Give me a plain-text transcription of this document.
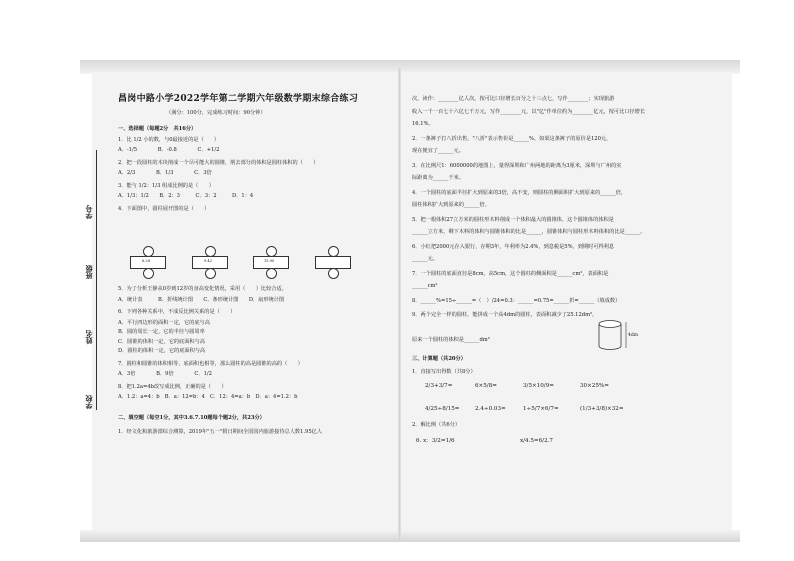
学号
班级
姓名
学校
昌岗中路小学2022学年第二学期六年级数学期末综合练习
（满分：100分，完成练习时间：90分钟）

一、选择题（每题2分　共16分）

1．比 1/2 小的数，与0最接近的是（　　）

A．-1/5　　　　B．-0.8　　　　C．+1/2

2．把一段圆柱的木块削成一个尽可能大的圆锥，削去部分的体积是圆柱体积的（　　）

A．2/3　　　　B．1/3　　　　C．3倍

3．能与 1/2：1/3 组成比例的是（　　）

A．1/3：1/2　　B．2：3　　　C．3：2　　　D．1：4

4．下面图中，圆柱展开图的是（　　）

6.28	9.42	15.90

5．为了分析王静从0岁到12岁的身高变化情况，采用（　　）比较合适。

A．统计表　　　B．折线统计图　　C．条形统计图　　D．扇形统计图

6．下列各种关系中，不成反比例关系的是（　　）

A．平行四边形的面积一定，它的底与高

B．圆的周长一定，它的半径与圆周率

C．圆锥的体积一定，它的底面积与高

D．圆柱的体积一定，它的底面积与高

7．圆柱和圆锥的体积相等，底面积也相等，那么圆柱的高是圆锥的高的（　　）

A．3倍　　　　B．9倍　　　　C．1/2

8．把1.2a=4b改写成比例，正确的是（　　）

A．1.2：a=4：b　B．a：12=b：4　C．12：4=a：b　D．a：4=1.2：b

二、填空题（每空1分，其中3.6.7.10题每个题2分，共23分）

1．经文化和旅游部综合测算，2019年"五一"假日期间全国国内旅游接待总人数1.95亿人

次，读作：________亿人次。按可比口径增长百分之十三点七，写作________；实现旅游

收入一千一百七十六亿七千万元，写作________元，以"亿"作单位约为________亿元，按可比口径增长

16.1%。

2．一条裤子打八折出售，"八折"表示售价是______%。如果这条裤子的原价是120元，

现在便宜了______元。

3．在比例尺1：6000000的地图上，量得深圳和广州两地的距离为3厘米，深圳与广州的实

际距离为______千米。

4．一个圆柱的底面半径扩大到原来的3倍，高不变，则圆柱的侧面积扩大到原来的______倍，

圆柱体积扩大到原来的______倍。

5．把一根体积27立方米的圆柱形木料削成一个体积最大的圆锥体，这个圆锥体的体积是

______立方米，剩下木料的体积与圆锥体积的比是______，圆锥体积与圆柱形木料体积的比是______。

6．小红把2000元存入银行，存期3年，年利率为2.4%，到息税是5%，到期时可得利息

______元。

7．一个圆柱的底面直径是8cm，高5cm，这个圆柱的侧面积是______cm²，表面积是

______cm²

8．______%=15÷______=（　）/24=0.3：______=0.75=______折=______（填成数）

9．两个完全一样的圆柱，能拼成一个高4dm的圆柱，表面积减少了25.12dm²，

原来一个圆柱的体积是______dm³

4dm

三、计算题（共20分）

1．直接写出得数（共8分）

2/3+3/7=	6×5/8=	3/5×10/9=	30×25%=
4/25÷8/15=	2.4÷0.03=	1÷5/7×6/7=	(1/3+3/8)×32=

2．解比例（共6分）

6. x：3/2=1/6	x/4.5=6/2.7
